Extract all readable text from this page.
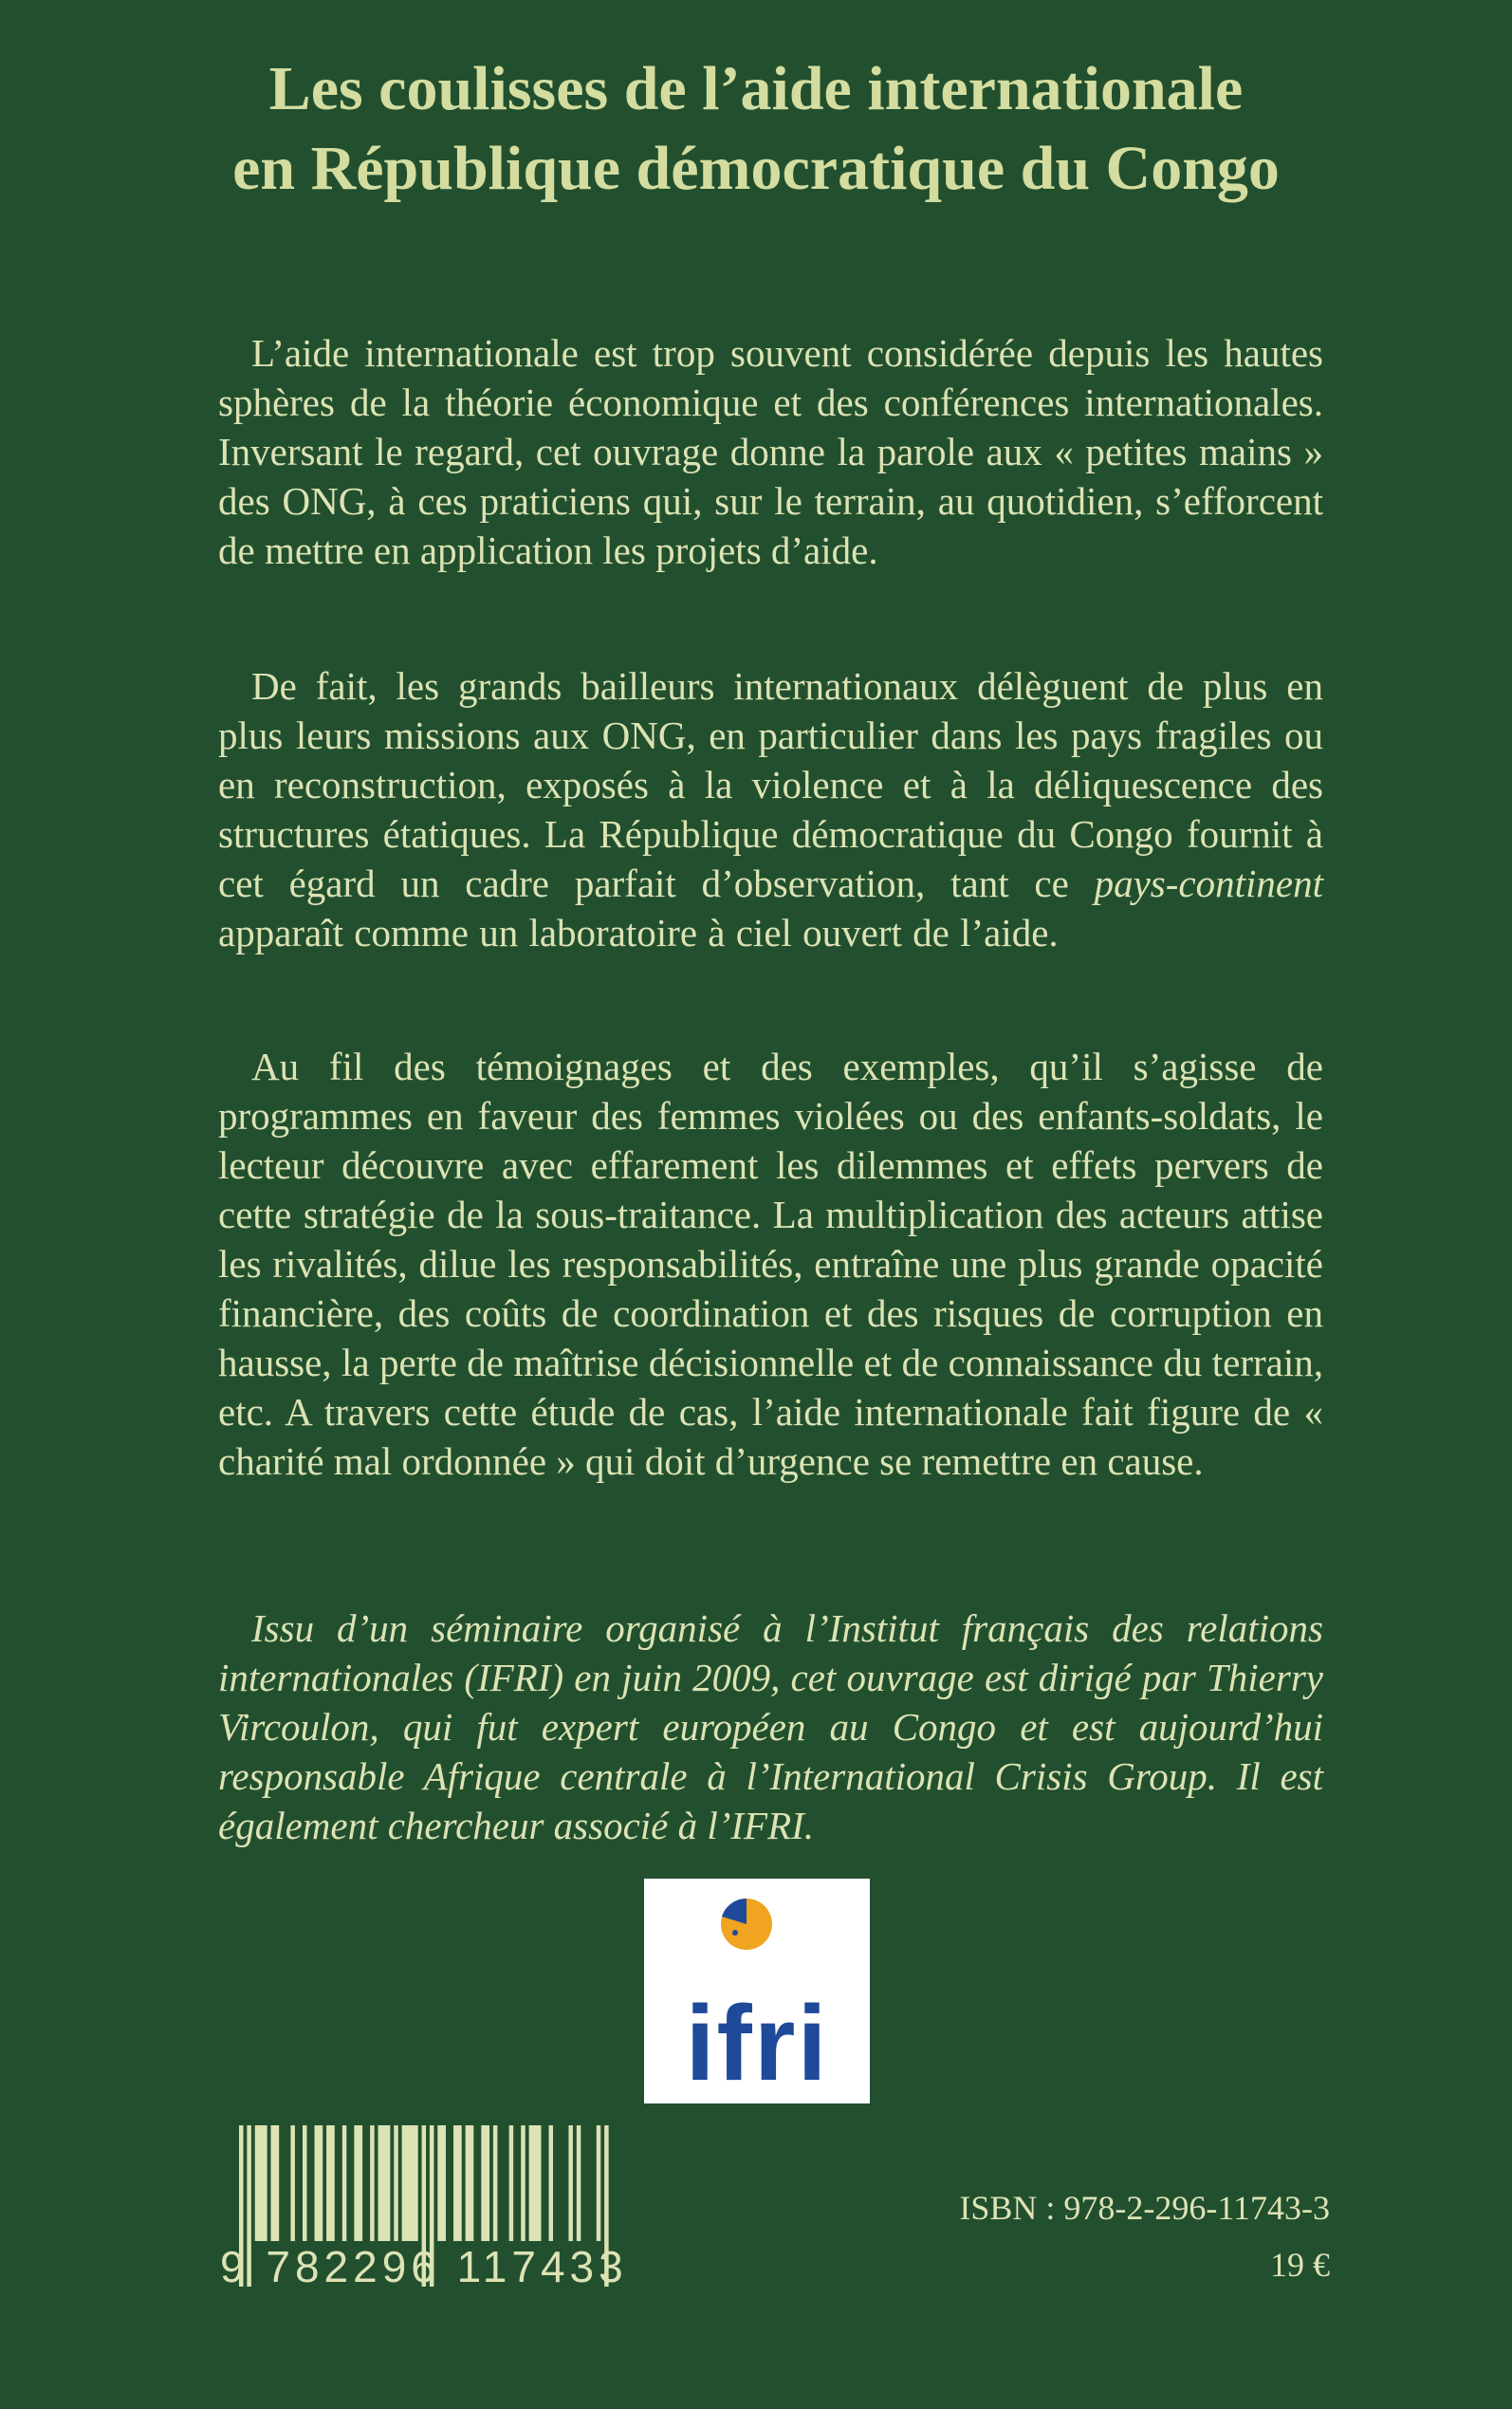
Les coulisses de l’aide internationale
en République démocratique du Congo

L’aide internationale est trop souvent considérée depuis les hautes sphères de la théorie économique et des conférences internationales. Inversant le regard, cet ouvrage donne la parole aux « petites mains » des ONG, à ces praticiens qui, sur le terrain, au quotidien, s’efforcent de mettre en application les projets d’aide.

De fait, les grands bailleurs internationaux délèguent de plus en plus leurs missions aux ONG, en particulier dans les pays fragiles ou en reconstruction, exposés à la violence et à la déliquescence des structures étatiques. La République démocratique du Congo fournit à cet égard un cadre parfait d’observation, tant ce pays-continent apparaît comme un laboratoire à ciel ouvert de l’aide.

Au fil des témoignages et des exemples, qu’il s’agisse de programmes en faveur des femmes violées ou des enfants-soldats, le lecteur découvre avec effarement les dilemmes et effets pervers de cette stratégie de la sous-traitance. La multiplication des acteurs attise les rivalités, dilue les responsabilités, entraîne une plus grande opacité financière, des coûts de coordination et des risques de corruption en hausse, la perte de maîtrise décisionnelle et de connaissance du terrain, etc. A travers cette étude de cas, l’aide internationale fait figure de « charité mal ordonnée » qui doit d’urgence se remettre en cause.

Issu d’un séminaire organisé à l’Institut français des relations internationales (IFRI) en juin 2009, cet ouvrage est dirigé par Thierry Vircoulon, qui fut expert européen au Congo et est aujourd’hui responsable Afrique centrale à l’International Crisis Group. Il est également chercheur associé à l’IFRI.

ifri
9 782296 117433
ISBN : 978-2-296-11743-3
19 €
